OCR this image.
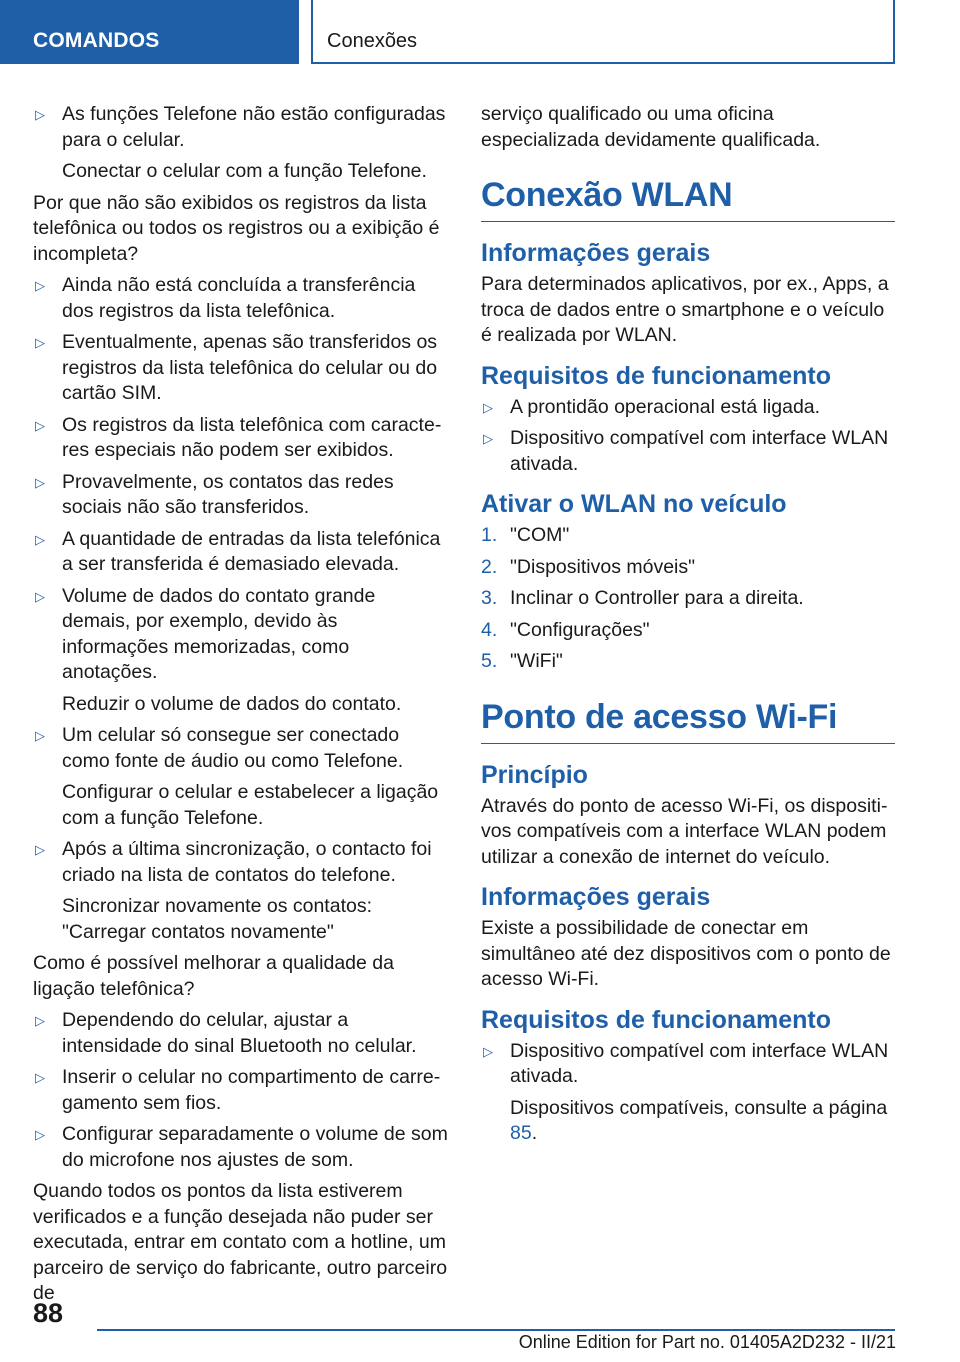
COMANDOS	Conexões
▷ As funções Telefone não estão configuradas para o celular.
Conectar o celular com a função Telefone.
Por que não são exibidos os registros da lista telefônica ou todos os registros ou a exibição é incompleta?
▷ Ainda não está concluída a transferência dos registros da lista telefônica.
▷ Eventualmente, apenas são transferidos os registros da lista telefônica do celular ou do cartão SIM.
▷ Os registros da lista telefônica com caracteres especiais não podem ser exibidos.
▷ Provavelmente, os contatos das redes sociais não são transferidos.
▷ A quantidade de entradas da lista telefónica a ser transferida é demasiado elevada.
▷ Volume de dados do contato grande demais, por exemplo, devido às informações memorizadas, como anotações.
Reduzir o volume de dados do contato.
▷ Um celular só consegue ser conectado como fonte de áudio ou como Telefone.
Configurar o celular e estabelecer a ligação com a função Telefone.
▷ Após a última sincronização, o contacto foi criado na lista de contatos do telefone.
Sincronizar novamente os contatos:
"Carregar contatos novamente"
Como é possível melhorar a qualidade da ligação telefônica?
▷ Dependendo do celular, ajustar a intensidade do sinal Bluetooth no celular.
▷ Inserir o celular no compartimento de carregamento sem fios.
▷ Configurar separadamente o volume de som do microfone nos ajustes de som.
Quando todos os pontos da lista estiverem verificados e a função desejada não puder ser executada, entrar em contato com a hotline, um parceiro de serviço do fabricante, outro parceiro de
serviço qualificado ou uma oficina especializada devidamente qualificada.
Conexão WLAN
Informações gerais
Para determinados aplicativos, por ex., Apps, a troca de dados entre o smartphone e o veículo é realizada por WLAN.
Requisitos de funcionamento
▷ A prontidão operacional está ligada.
▷ Dispositivo compatível com interface WLAN ativada.
Ativar o WLAN no veículo
1. "COM"
2. "Dispositivos móveis"
3. Inclinar o Controller para a direita.
4. "Configurações"
5. "WiFi"
Ponto de acesso Wi-Fi
Princípio
Através do ponto de acesso Wi-Fi, os dispositivos compatíveis com a interface WLAN podem utilizar a conexão de internet do veículo.
Informações gerais
Existe a possibilidade de conectar em simultâneo até dez dispositivos com o ponto de acesso Wi-Fi.
Requisitos de funcionamento
▷ Dispositivo compatível com interface WLAN ativada.
Dispositivos compatíveis, consulte a página 85.
88
Online Edition for Part no. 01405A2D232 - II/21
